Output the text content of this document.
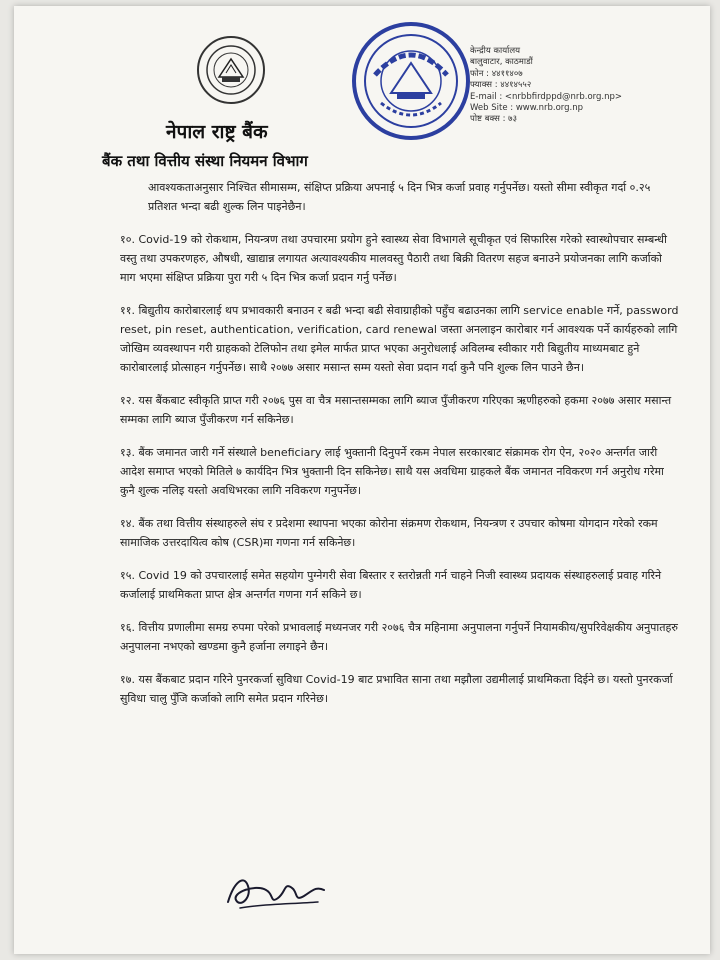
केन्द्रीय कार्यालय
बालुवाटार, काठमाडौं
फोन : ४४११४०७
फ्याक्स : ४४१४५५२
E-mail : <nrbbfirdppd@nrb.org.np>
Web Site : www.nrb.org.np
पोष्ट बक्स : ७३
नेपाल राष्ट्र बैंक
बैंक तथा वित्तीय संस्था नियमन विभाग

आवश्यकताअनुसार निश्चित सीमासम्म, संक्षिप्त प्रक्रिया अपनाई ५ दिन भित्र कर्जा प्रवाह गर्नुपर्नेछ। यस्तो सीमा स्वीकृत गर्दा ०.२५ प्रतिशत भन्दा बढी शुल्क लिन पाइनेछैन।

१०. Covid-19 को रोकथाम, नियन्त्रण तथा उपचारमा प्रयोग हुने स्वास्थ्य सेवा विभागले सूचीकृत एवं सिफारिस गरेको स्वास्थोपचार सम्बन्धी वस्तु तथा उपकरणहरु, औषधी, खाद्यान्न लगायत अत्यावश्यकीय मालवस्तु पैठारी तथा बिक्री वितरण सहज बनाउने प्रयोजनका लागि कर्जाको माग भएमा संक्षिप्त प्रक्रिया पुरा गरी ५ दिन भित्र कर्जा प्रदान गर्नु पर्नेछ।
११. बिद्युतीय कारोबारलाई थप प्रभावकारी बनाउन र बढी भन्दा बढी सेवाग्राहीको पहुँच बढाउनका लागि service enable गर्ने, password reset, pin reset, authentication, verification, card renewal जस्ता अनलाइन कारोबार गर्न आवश्यक पर्ने कार्यहरुको लागि जोखिम व्यवस्थापन गरी ग्राहकको टेलिफोन तथा इमेल मार्फत प्राप्त भएका अनुरोधलाई अविलम्ब स्वीकार गरी बिद्युतीय माध्यमबाट हुने कारोबारलाई प्रोत्साहन गर्नुपर्नेछ। साथै २०७७ असार मसान्त सम्म यस्तो सेवा प्रदान गर्दा कुनै पनि शुल्क लिन पाउने छैन।
१२. यस बैंकबाट स्वीकृति प्राप्त गरी २०७६ पुस वा चैत्र मसान्तसम्मका लागि ब्याज पुँजीकरण गरिएका ऋणीहरुको हकमा २०७७ असार मसान्त सम्मका लागि ब्याज पुँजीकरण गर्न सकिनेछ।
१३. बैंक जमानत जारी गर्ने संस्थाले beneficiary लाई भुक्तानी दिनुपर्ने रकम नेपाल सरकारबाट संक्रामक रोग ऐन, २०२० अन्तर्गत जारी आदेश समाप्त भएको मितिले ७ कार्यदिन भित्र भुक्तानी दिन सकिनेछ। साथै यस अवधिमा ग्राहकले बैंक जमानत नविकरण गर्न अनुरोध गरेमा कुनै शुल्क नलिइ यस्तो अवधिभरका लागि नविकरण गनुपर्नेछ।
१४. बैंक तथा वित्तीय संस्थाहरुले संघ र प्रदेशमा स्थापना भएका कोरोना संक्रमण रोकथाम, नियन्त्रण र उपचार कोषमा योगदान गरेको रकम सामाजिक उत्तरदायित्व कोष (CSR)मा गणना गर्न सकिनेछ।
१५. Covid 19 को उपचारलाई समेत सहयोग पुग्नेगरी सेवा बिस्तार र स्तरोन्नती गर्न चाहने निजी स्वास्थ्य प्रदायक संस्थाहरुलाई प्रवाह गरिने कर्जालाई प्राथमिकता प्राप्त क्षेत्र अन्तर्गत गणना गर्न सकिने छ।
१६. वित्तीय प्रणालीमा समग्र रुपमा परेको प्रभावलाई मध्यनजर गरी २०७६ चैत्र महिनामा अनुपालना गर्नुपर्ने नियामकीय/सुपरिवेक्षकीय अनुपातहरु अनुपालना नभएको खण्डमा कुनै हर्जाना लगाइने छैन।
१७. यस बैंकबाट प्रदान गरिने पुनरकर्जा सुविधा Covid-19 बाट प्रभावित साना तथा मझौला उद्यमीलाई प्राथमिकता दिईने छ। यस्तो पुनरकर्जा सुविधा चालु पुँजि कर्जाको लागि समेत प्रदान गरिनेछ।
